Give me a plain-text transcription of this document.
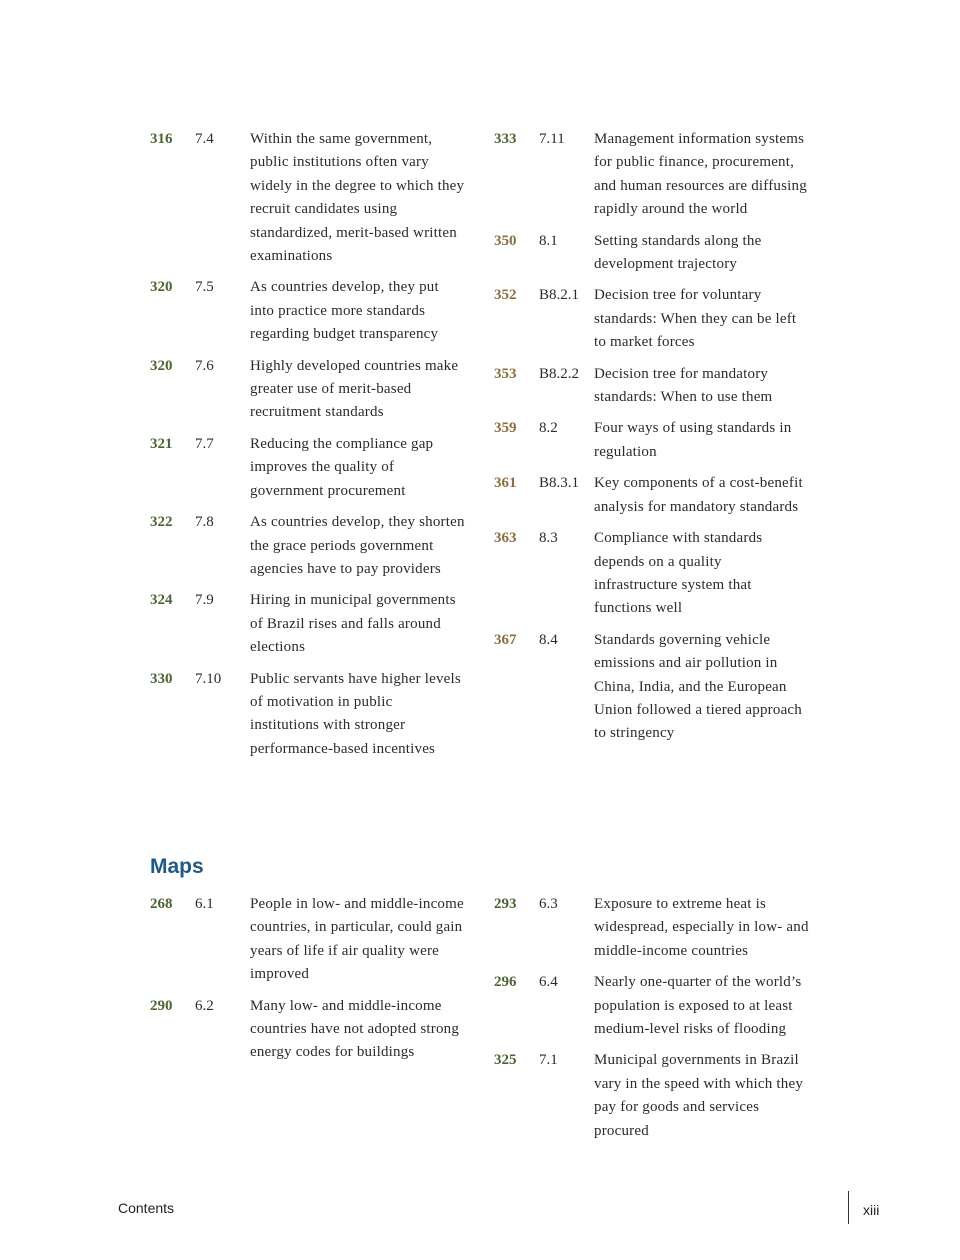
316	7.4	Within the same government, public institutions often vary widely in the degree to which they recruit candidates using standardized, merit-based written examinations
320	7.5	As countries develop, they put into practice more standards regarding budget transparency
320	7.6	Highly developed countries make greater use of merit-based recruitment standards
321	7.7	Reducing the compliance gap improves the quality of government procurement
322	7.8	As countries develop, they shorten the grace periods government agencies have to pay providers
324	7.9	Hiring in municipal governments of Brazil rises and falls around elections
330	7.10	Public servants have higher levels of motivation in public institutions with stronger performance-based incentives
333	7.11	Management information systems for public finance, procurement, and human resources are diffusing rapidly around the world
350	8.1	Setting standards along the development trajectory
352	B8.2.1 Decision tree for voluntary standards: When they can be left to market forces
353	B8.2.2 Decision tree for mandatory standards: When to use them
359	8.2	Four ways of using standards in regulation
361	B8.3.1 Key components of a cost-benefit analysis for mandatory standards
363	8.3	Compliance with standards depends on a quality infrastructure system that functions well
367	8.4	Standards governing vehicle emissions and air pollution in China, India, and the European Union followed a tiered approach to stringency
Maps
268	6.1	People in low- and middle-income countries, in particular, could gain years of life if air quality were improved
290	6.2	Many low- and middle-income countries have not adopted strong energy codes for buildings
293	6.3	Exposure to extreme heat is widespread, especially in low- and middle-income countries
296	6.4	Nearly one-quarter of the world’s population is exposed to at least medium-level risks of flooding
325	7.1	Municipal governments in Brazil vary in the speed with which they pay for goods and services procured
Contents	xiii
